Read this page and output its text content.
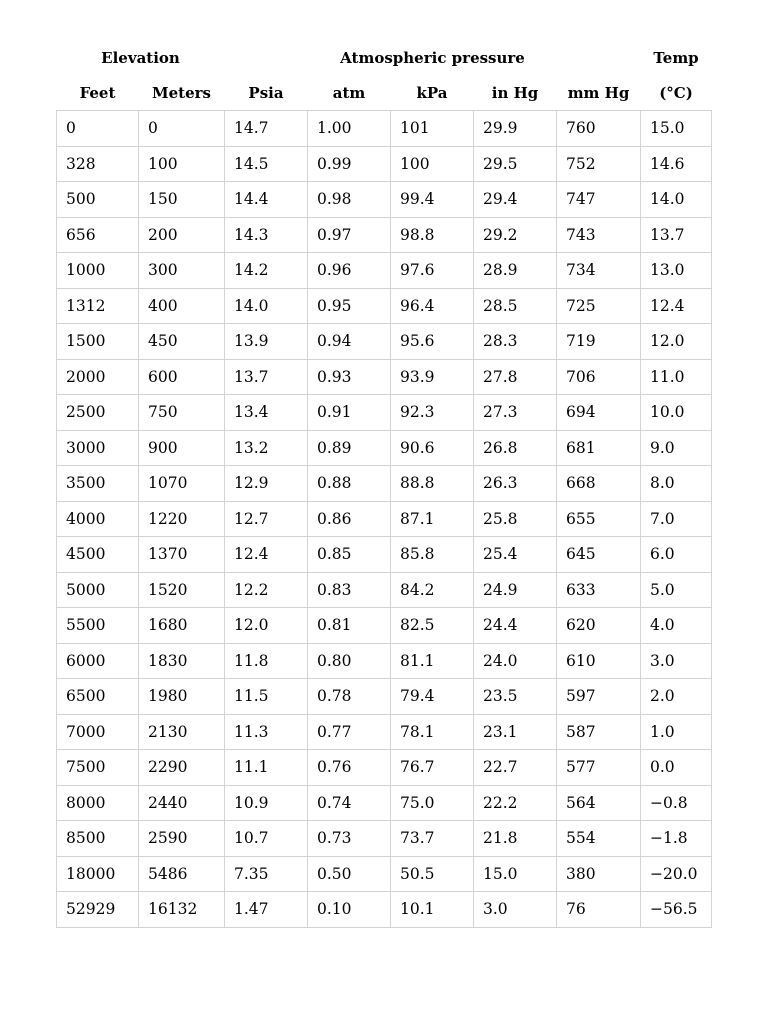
Elevation		Atmospheric pressure					Temp
Feet	Meters	Psia	atm	kPa	in Hg	mm Hg	(°C)
0	0	14.7	1.00	101	29.9	760	15.0
328	100	14.5	0.99	100	29.5	752	14.6
500	150	14.4	0.98	99.4	29.4	747	14.0
656	200	14.3	0.97	98.8	29.2	743	13.7
1000	300	14.2	0.96	97.6	28.9	734	13.0
1312	400	14.0	0.95	96.4	28.5	725	12.4
1500	450	13.9	0.94	95.6	28.3	719	12.0
2000	600	13.7	0.93	93.9	27.8	706	11.0
2500	750	13.4	0.91	92.3	27.3	694	10.0
3000	900	13.2	0.89	90.6	26.8	681	9.0
3500	1070	12.9	0.88	88.8	26.3	668	8.0
4000	1220	12.7	0.86	87.1	25.8	655	7.0
4500	1370	12.4	0.85	85.8	25.4	645	6.0
5000	1520	12.2	0.83	84.2	24.9	633	5.0
5500	1680	12.0	0.81	82.5	24.4	620	4.0
6000	1830	11.8	0.80	81.1	24.0	610	3.0
6500	1980	11.5	0.78	79.4	23.5	597	2.0
7000	2130	11.3	0.77	78.1	23.1	587	1.0
7500	2290	11.1	0.76	76.7	22.7	577	0.0
8000	2440	10.9	0.74	75.0	22.2	564	−0.8
8500	2590	10.7	0.73	73.7	21.8	554	−1.8
18000	5486	7.35	0.50	50.5	15.0	380	−20.0
52929	16132	1.47	0.10	10.1	3.0	76	−56.5
